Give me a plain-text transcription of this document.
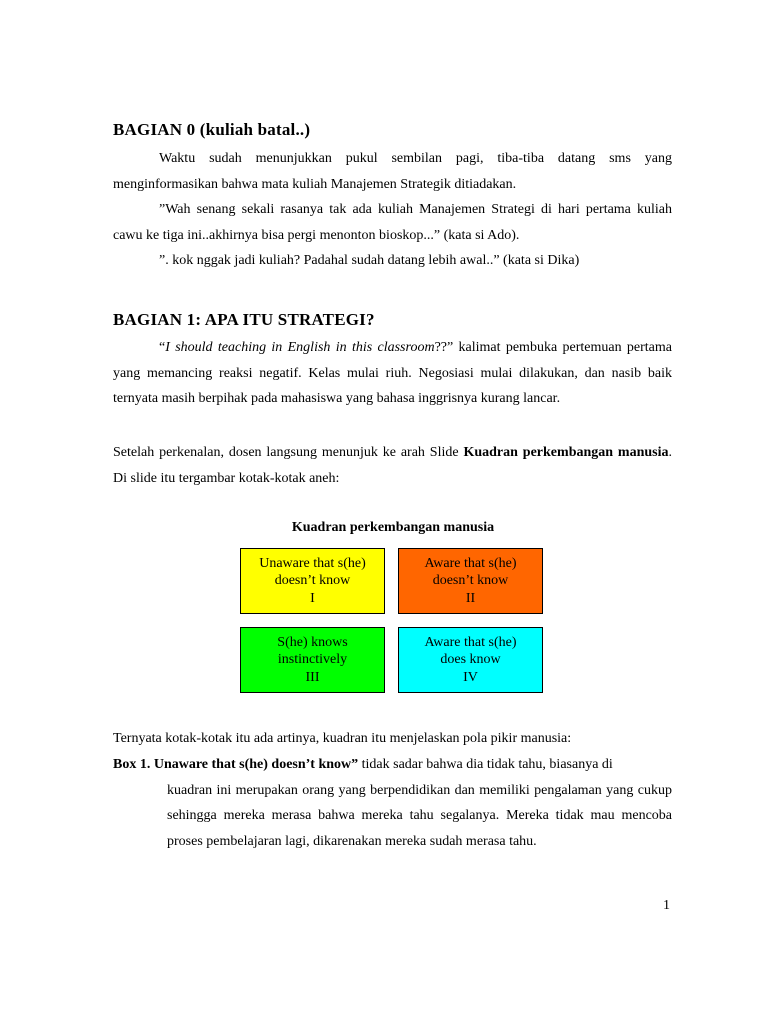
BAGIAN 0 (kuliah batal..)
Waktu sudah menunjukkan pukul sembilan pagi, tiba-tiba datang sms yang menginformasikan bahwa mata kuliah Manajemen Strategik ditiadakan.
”Wah senang sekali rasanya tak ada kuliah Manajemen Strategi di hari pertama kuliah cawu ke tiga ini..akhirnya bisa pergi menonton bioskop...” (kata si Ado).
”. kok nggak jadi kuliah? Padahal sudah datang lebih awal..” (kata si Dika)
BAGIAN 1: APA ITU STRATEGI?
“I should teaching in English in this classroom??” kalimat pembuka pertemuan pertama yang memancing reaksi negatif. Kelas mulai riuh. Negosiasi mulai dilakukan, dan nasib baik ternyata masih berpihak pada mahasiswa yang bahasa inggrisnya kurang lancar.
Setelah perkenalan, dosen langsung menunjuk ke arah Slide Kuadran perkembangan manusia. Di slide itu tergambar kotak-kotak aneh:
Kuadran perkembangan manusia
Unaware that s(he)
doesn’t know
I
Aware that s(he)
doesn’t know
II
S(he) knows
instinctively
III
Aware that s(he)
does know
IV
Ternyata kotak-kotak itu ada artinya, kuadran itu menjelaskan pola pikir manusia:
Box 1. Unaware that s(he) doesn’t know” tidak sadar bahwa dia tidak tahu, biasanya di
kuadran ini merupakan orang yang berpendidikan dan memiliki pengalaman yang cukup sehingga mereka merasa bahwa mereka tahu segalanya. Mereka tidak mau mencoba proses pembelajaran lagi, dikarenakan mereka sudah merasa tahu.
1
